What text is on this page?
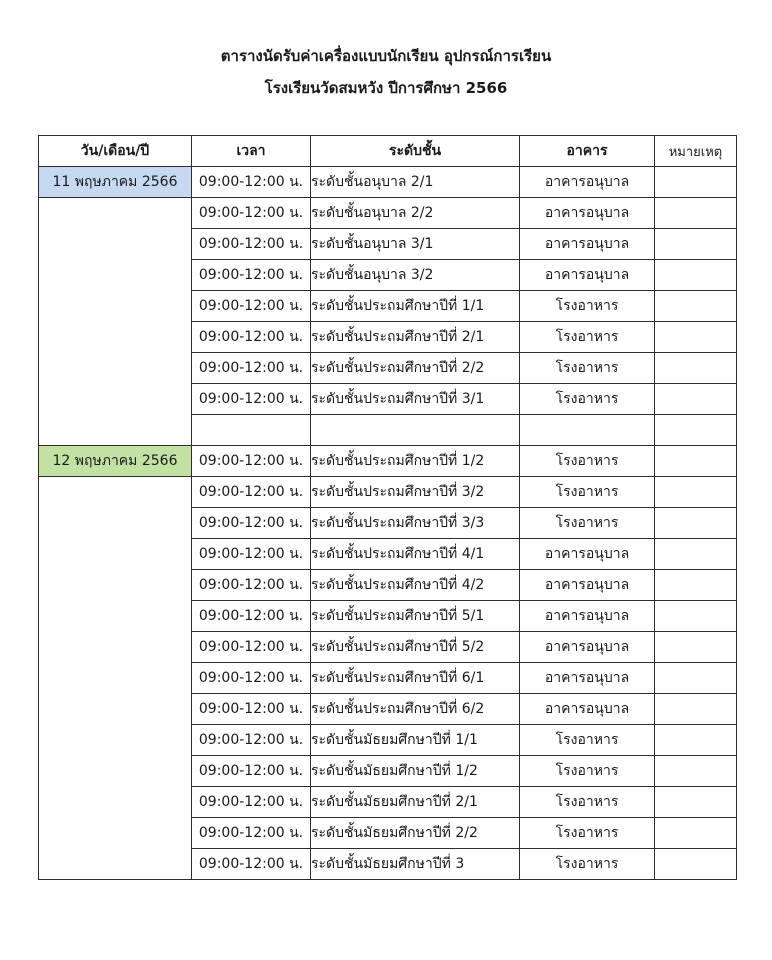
ตารางนัดรับค่าเครื่องแบบนักเรียน อุปกรณ์การเรียน
โรงเรียนวัดสมหวัง ปีการศึกษา 2566
วัน/เดือน/ปี	เวลา	ระดับชั้น	อาคาร	หมายเหตุ

11 พฤษภาคม 2566	09:00-12:00 น.	ระดับชั้นอนุบาล 2/1	อาคารอนุบาล	
	09:00-12:00 น.	ระดับชั้นอนุบาล 2/2	อาคารอนุบาล	
	09:00-12:00 น.	ระดับชั้นอนุบาล 3/1	อาคารอนุบาล	
	09:00-12:00 น.	ระดับชั้นอนุบาล 3/2	อาคารอนุบาล	
	09:00-12:00 น.	ระดับชั้นประถมศึกษาปีที่ 1/1	โรงอาหาร	
	09:00-12:00 น.	ระดับชั้นประถมศึกษาปีที่ 2/1	โรงอาหาร	
	09:00-12:00 น.	ระดับชั้นประถมศึกษาปีที่ 2/2	โรงอาหาร	
	09:00-12:00 น.	ระดับชั้นประถมศึกษาปีที่ 3/1	โรงอาหาร	

12 พฤษภาคม 2566	09:00-12:00 น.	ระดับชั้นประถมศึกษาปีที่ 1/2	โรงอาหาร	
	09:00-12:00 น.	ระดับชั้นประถมศึกษาปีที่ 3/2	โรงอาหาร	
	09:00-12:00 น.	ระดับชั้นประถมศึกษาปีที่ 3/3	โรงอาหาร	
	09:00-12:00 น.	ระดับชั้นประถมศึกษาปีที่ 4/1	อาคารอนุบาล	
	09:00-12:00 น.	ระดับชั้นประถมศึกษาปีที่ 4/2	อาคารอนุบาล	
	09:00-12:00 น.	ระดับชั้นประถมศึกษาปีที่ 5/1	อาคารอนุบาล	
	09:00-12:00 น.	ระดับชั้นประถมศึกษาปีที่ 5/2	อาคารอนุบาล	
	09:00-12:00 น.	ระดับชั้นประถมศึกษาปีที่ 6/1	อาคารอนุบาล	
	09:00-12:00 น.	ระดับชั้นประถมศึกษาปีที่ 6/2	อาคารอนุบาล	
	09:00-12:00 น.	ระดับชั้นมัธยมศึกษาปีที่ 1/1	โรงอาหาร	
	09:00-12:00 น.	ระดับชั้นมัธยมศึกษาปีที่ 1/2	โรงอาหาร	
	09:00-12:00 น.	ระดับชั้นมัธยมศึกษาปีที่ 2/1	โรงอาหาร	
	09:00-12:00 น.	ระดับชั้นมัธยมศึกษาปีที่ 2/2	โรงอาหาร	
	09:00-12:00 น.	ระดับชั้นมัธยมศึกษาปีที่ 3	โรงอาหาร	
